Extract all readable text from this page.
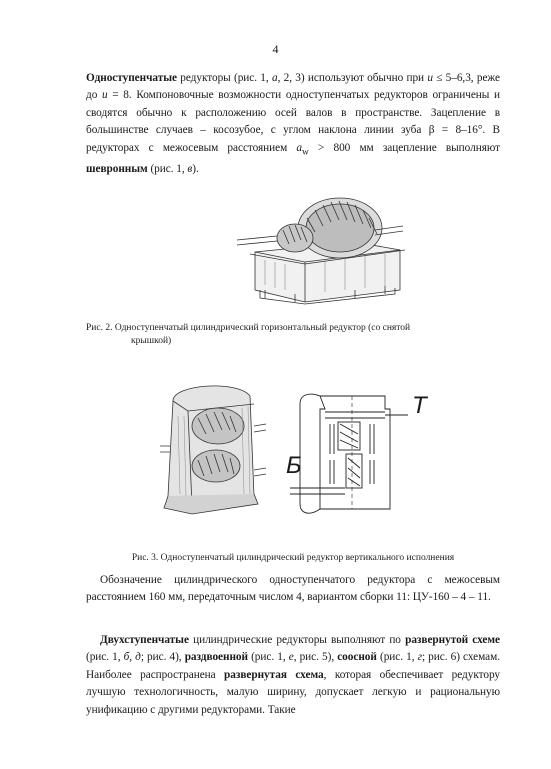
4

Одноступенчатые редукторы (рис. 1, а, 2, 3) используют обычно при u ≤ 5–6,3, реже до u = 8. Компоновочные возможности одноступенчатых редукторов ограничены и сводятся обычно к расположению осей валов в пространстве. Зацепление в большинстве случаев – косозубое, с углом наклона линии зуба β = 8–16°. В редукторах с межосевым расстоянием $a_w > 800$ мм зацепление выполняют шевронным (рис. 1, в).

Рис. 2. Одноступенчатый цилиндрический горизонтальный редуктор (со снятой
крышкой)
Т
Б
Рис. 3. Одноступенчатый цилиндрический редуктор вертикального исполнения

Обозначение цилиндрического одноступенчатого редуктора с межосевым расстоянием 160 мм, передаточным числом 4, вариантом сборки 11: ЦУ-160 – 4 – 11.

Двухступенчатые цилиндрические редукторы выполняют по развернутой схеме (рис. 1, б, д; рис. 4), раздвоенной (рис. 1, е, рис. 5), соосной (рис. 1, г; рис. 6) схемам. Наиболее распространена развернутая схема, которая обеспечивает редуктору лучшую технологичность, малую ширину, допускает легкую и рациональную унификацию с другими редукторами. Такие
